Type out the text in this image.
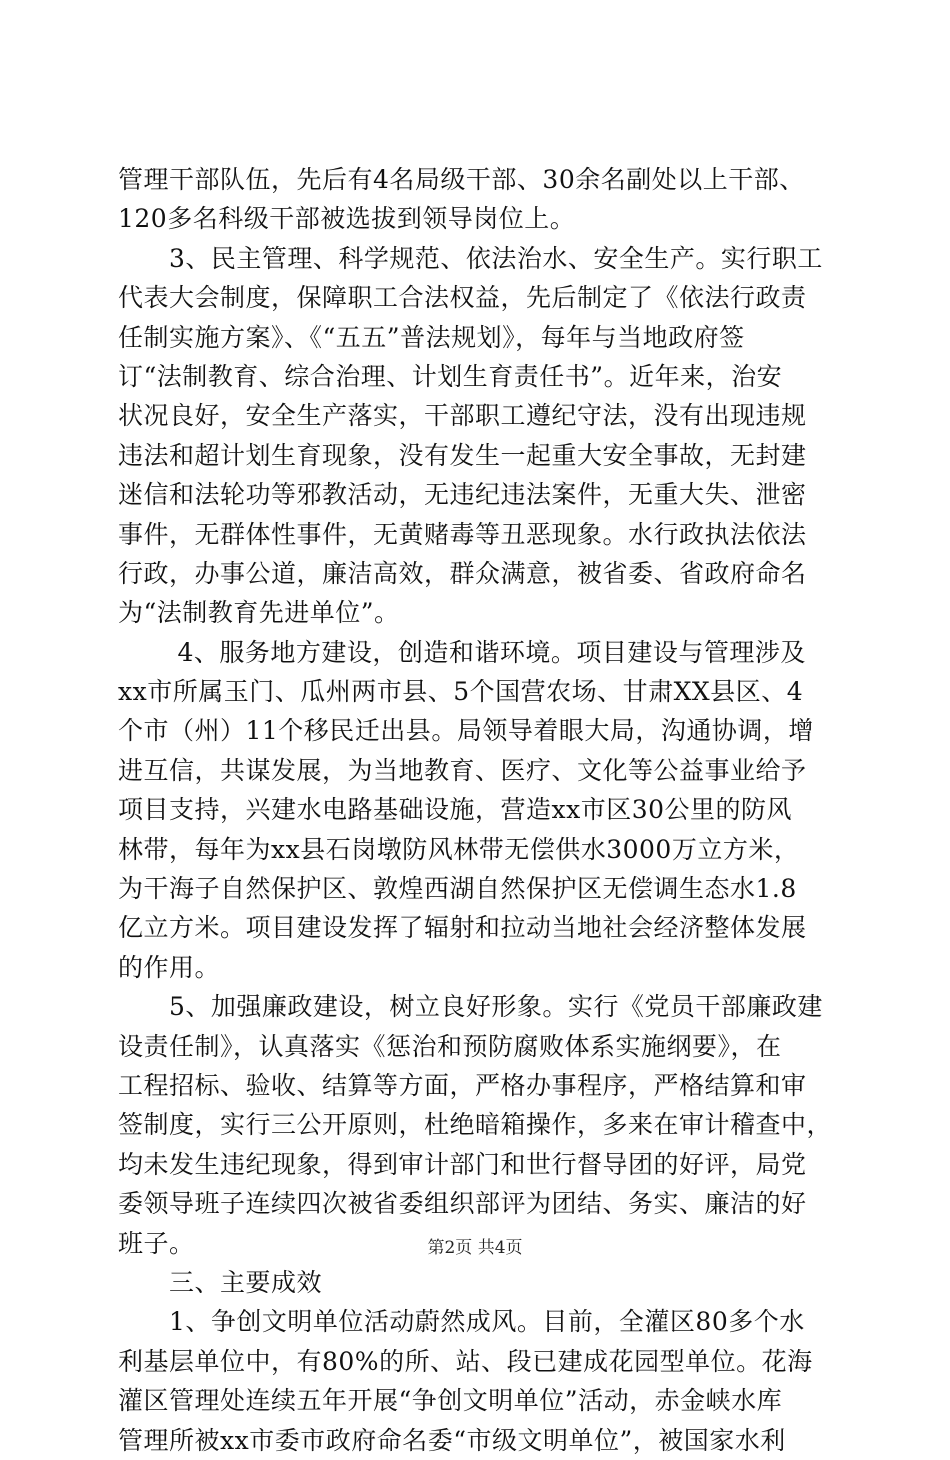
管理干部队伍，先后有4名局级干部、30余名副处以上干部、
120多名科级干部被选拔到领导岗位上。
　　3、民主管理、科学规范、依法治水、安全生产。实行职工
代表大会制度，保障职工合法权益，先后制定了《依法行政责
任制实施方案》、《“五五”普法规划》，每年与当地政府签
订“法制教育、综合治理、计划生育责任书”。近年来，治安
状况良好，安全生产落实，干部职工遵纪守法，没有出现违规
违法和超计划生育现象，没有发生一起重大安全事故，无封建
迷信和法轮功等邪教活动，无违纪违法案件，无重大失、泄密
事件，无群体性事件，无黄赌毒等丑恶现象。水行政执法依法
行政，办事公道，廉洁高效，群众满意，被省委、省政府命名
为“法制教育先进单位”。
　　 4、服务地方建设，创造和谐环境。项目建设与管理涉及
xx市所属玉门、瓜州两市县、5个国营农场、甘肃XX县区、4
个市（州）11个移民迁出县。局领导着眼大局，沟通协调，增
进互信，共谋发展，为当地教育、医疗、文化等公益事业给予
项目支持，兴建水电路基础设施，营造xx市区30公里的防风
林带，每年为xx县石岗墩防风林带无偿供水3000万立方米，
为干海子自然保护区、敦煌西湖自然保护区无偿调生态水1.8
亿立方米。项目建设发挥了辐射和拉动当地社会经济整体发展
的作用。
　　5、加强廉政建设，树立良好形象。实行《党员干部廉政建
设责任制》，认真落实《惩治和预防腐败体系实施纲要》，在
工程招标、验收、结算等方面，严格办事程序，严格结算和审
签制度，实行三公开原则，杜绝暗箱操作，多来在审计稽查中，
均未发生违纪现象，得到审计部门和世行督导团的好评，局党
委领导班子连续四次被省委组织部评为团结、务实、廉洁的好
班子。
　　三、主要成效
　　1、争创文明单位活动蔚然成风。目前，全灌区80多个水
利基层单位中，有80%的所、站、段已建成花园型单位。花海
灌区管理处连续五年开展“争创文明单位”活动，赤金峡水库
管理所被xx市委市政府命名委“市级文明单位”，被国家水利
第2页 共4页
